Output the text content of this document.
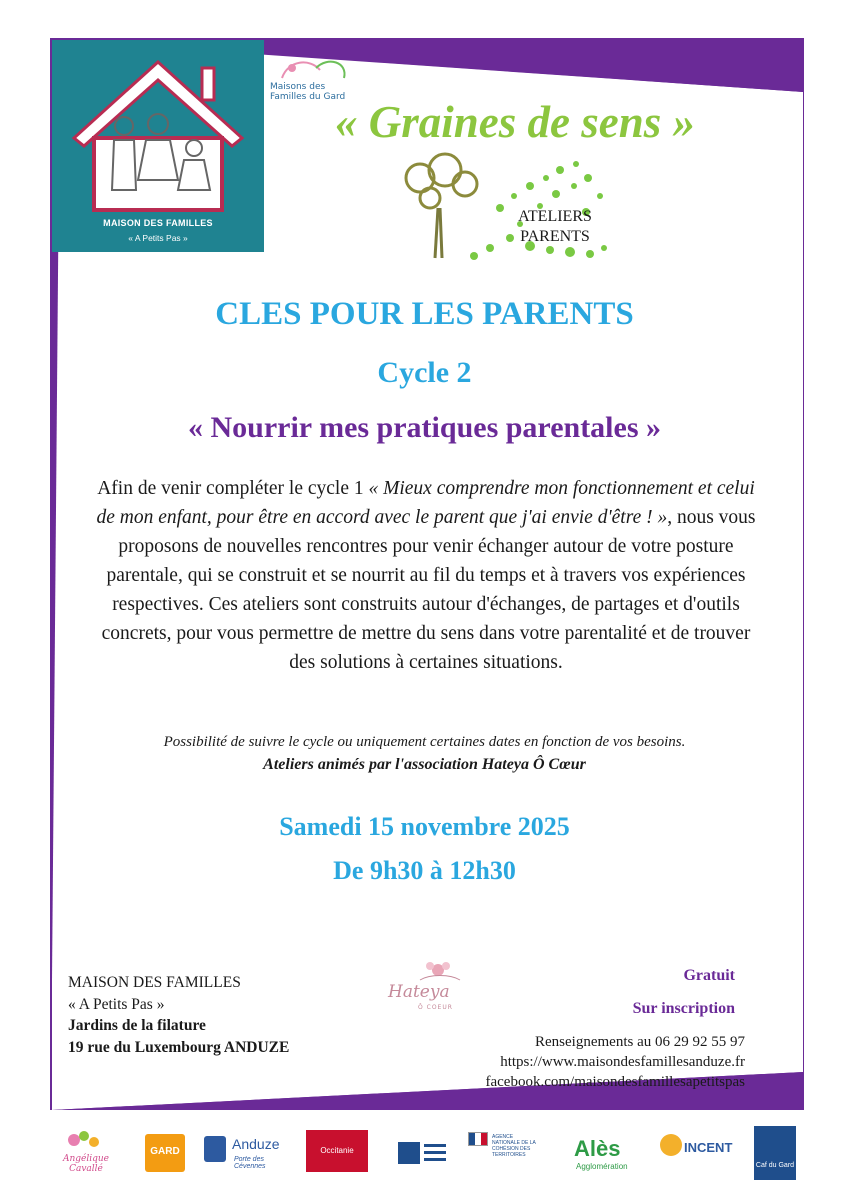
MAISON DES FAMILLES
« A Petits Pas »
Maisons des
Familles du Gard
« Graines de sens »
ATELIERS
PARENTS
CLES POUR LES PARENTS
Cycle 2
« Nourrir mes pratiques parentales »
Afin de venir compléter le cycle 1 « Mieux comprendre mon fonctionnement et celui de mon enfant, pour être en accord avec le parent que j'ai envie d'être ! », nous vous proposons de nouvelles rencontres pour venir échanger autour de votre posture parentale, qui se construit et se nourrit au fil du temps et à travers vos expériences respectives. Ces ateliers sont construits autour d'échanges, de partages et d'outils concrets, pour vous permettre de mettre du sens dans votre parentalité et de trouver des solutions à certaines situations.
Possibilité de suivre le cycle ou uniquement certaines dates en fonction de vos besoins.
Ateliers animés par l'association Hateya Ô Cœur
Samedi 15 novembre 2025
De 9h30 à 12h30
MAISON DES FAMILLES
« A Petits Pas »
Jardins de la filature
19 rue du Luxembourg ANDUZE
Hateya
Ô COEUR
Gratuit
Sur inscription
Renseignements au 06 29 92 55 97
https://www.maisondesfamillesanduze.fr
facebook.com/maisondesfamillesapetitspas
Angélique Cavallé
GARD	Anduze
Porte des Cévennes
Occitanie
AGENCE NATIONALE DE LA COHÉSION DES TERRITOIRES	Alès
Agglomération
INCENT
Caf du Gard
